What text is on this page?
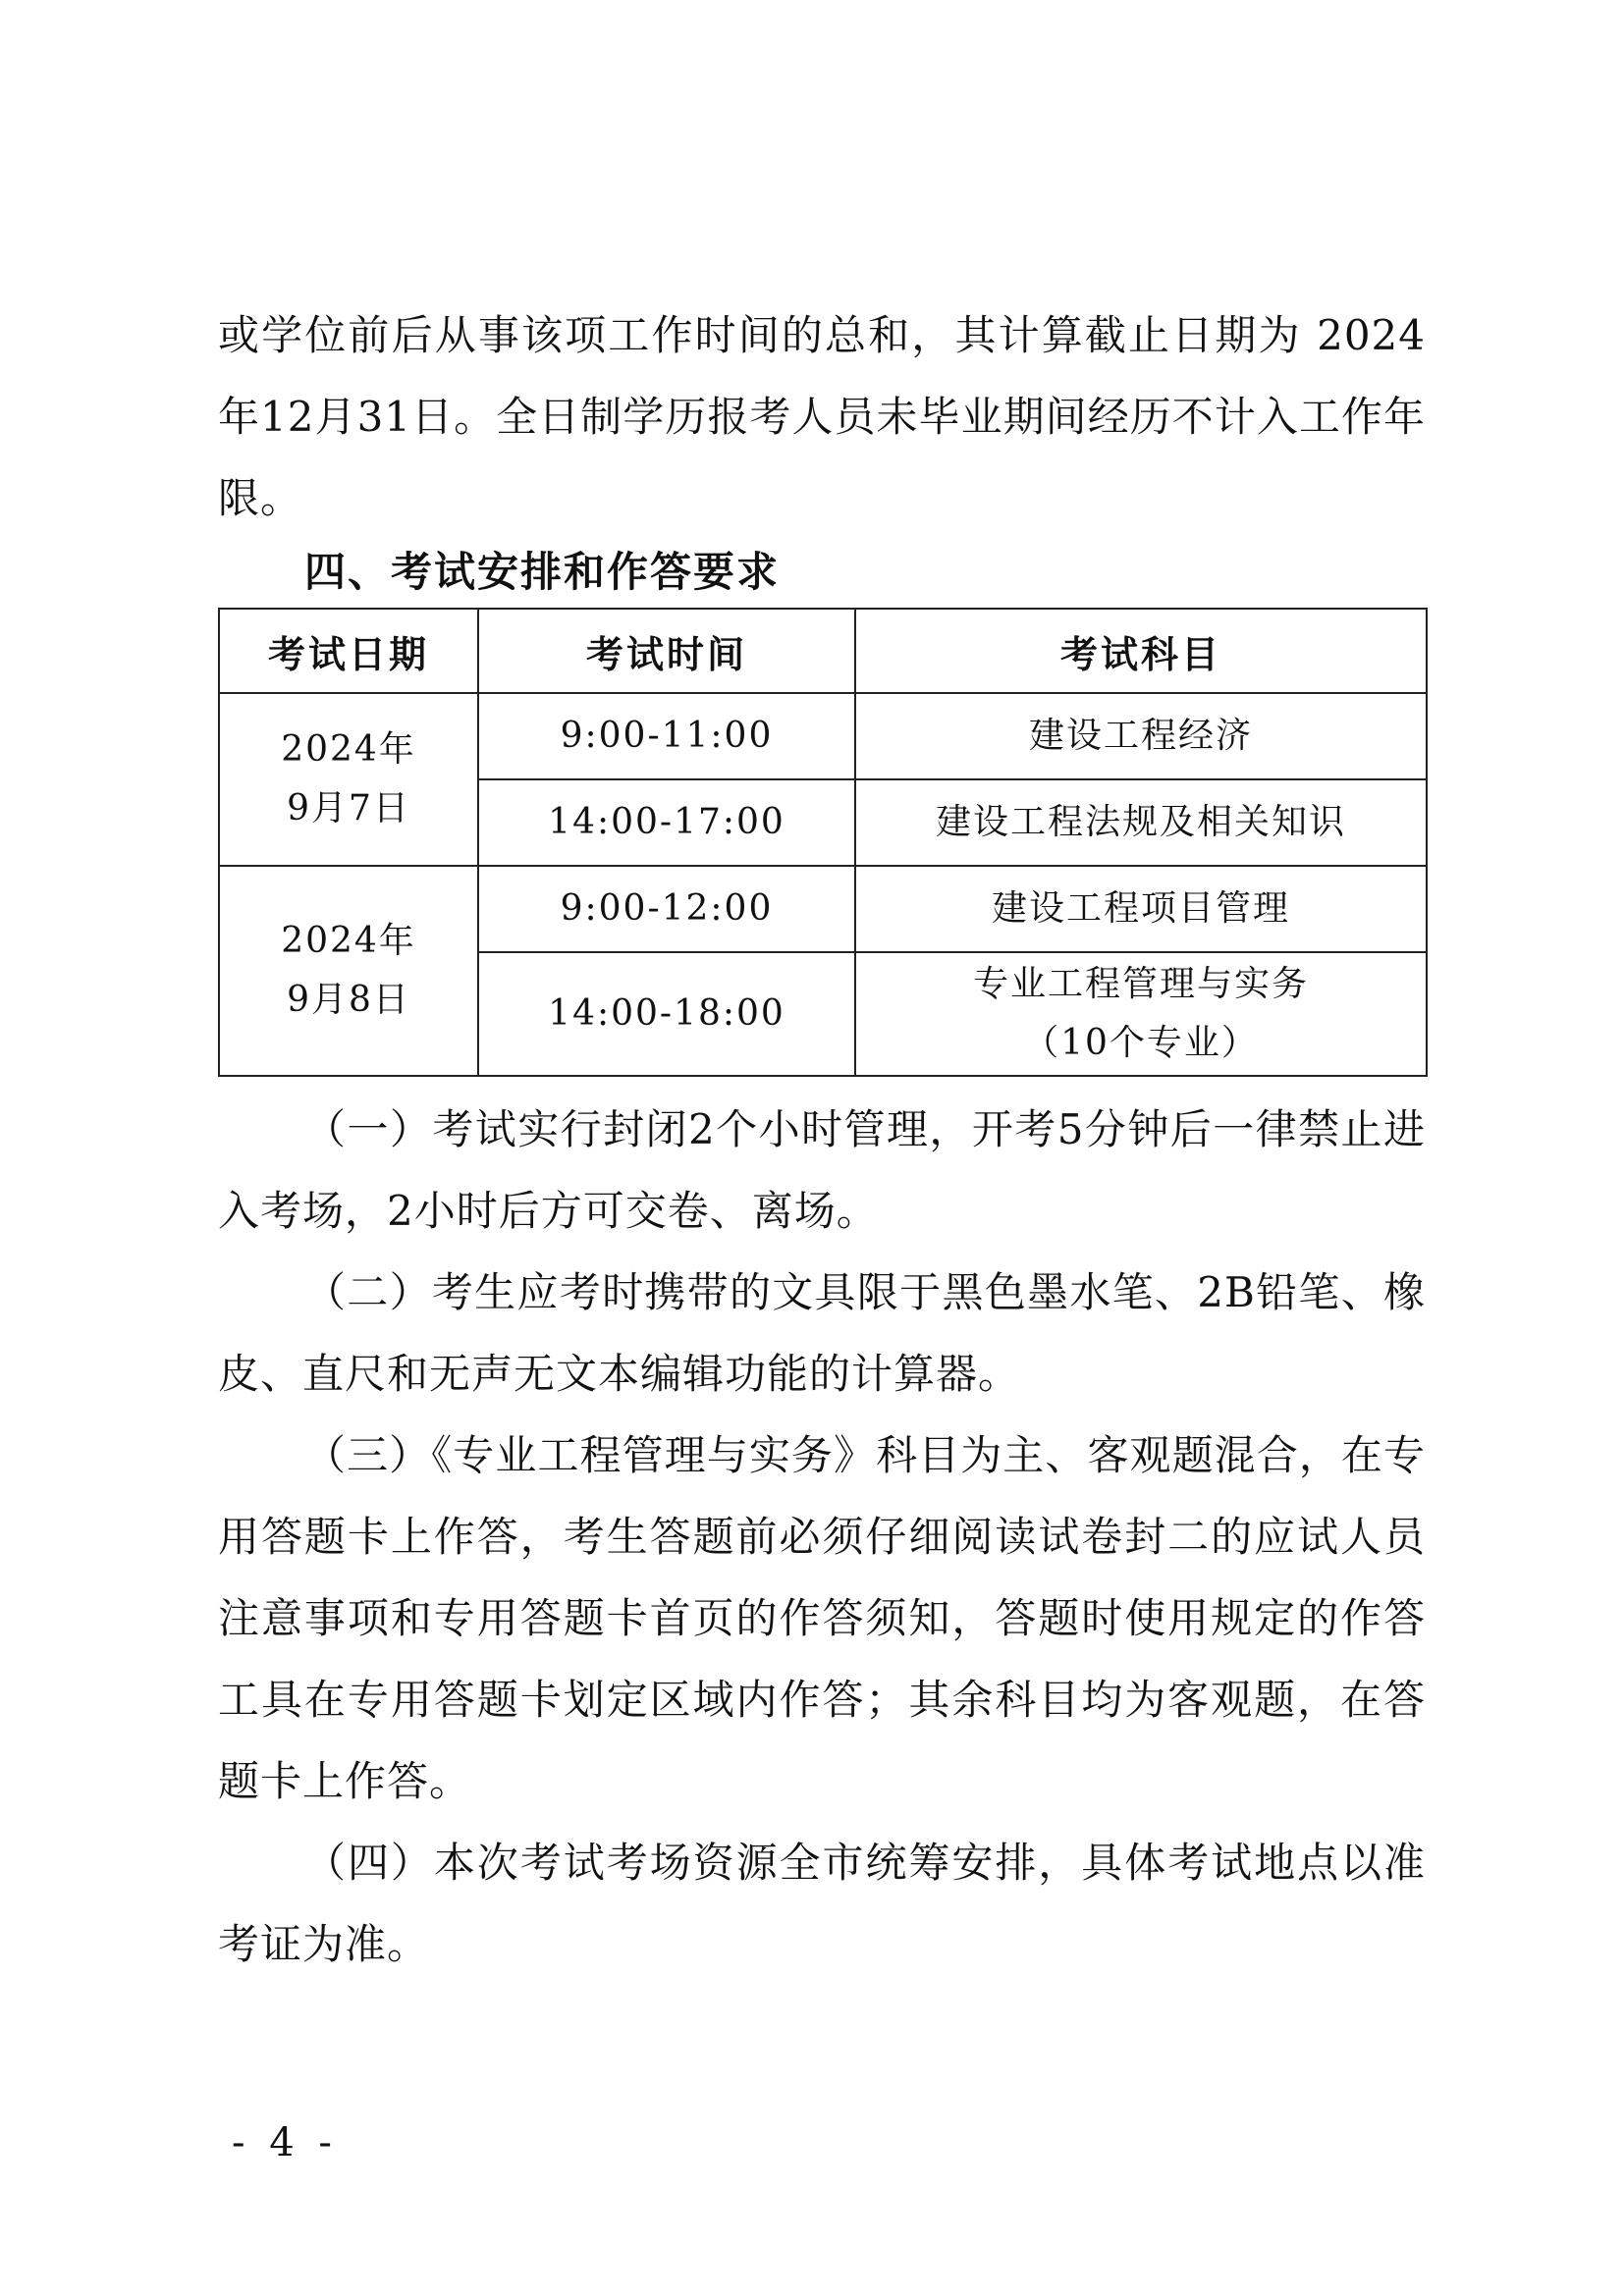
或学位前后从事该项工作时间的总和，其计算截止日期为 2024年12月31日。全日制学历报考人员未毕业期间经历不计入工作年限。

四、考试安排和作答要求
考试日期	考试时间	考试科目

2024年
9月7日	9:00-11:00	建设工程经济
	14:00-17:00	建设工程法规及相关知识

2024年
9月8日	9:00-12:00	建设工程项目管理
	14:00-18:00	专业工程管理与实务
（10个专业）

（一）考试实行封闭2个小时管理，开考5分钟后一律禁止进入考场，2小时后方可交卷、离场。

（二）考生应考时携带的文具限于黑色墨水笔、2B铅笔、橡皮、直尺和无声无文本编辑功能的计算器。

（三）《专业工程管理与实务》科目为主、客观题混合，在专用答题卡上作答，考生答题前必须仔细阅读试卷封二的应试人员注意事项和专用答题卡首页的作答须知，答题时使用规定的作答工具在专用答题卡划定区域内作答；其余科目均为客观题，在答题卡上作答。

（四）本次考试考场资源全市统筹安排，具体考试地点以准考证为准。

- 4 -
